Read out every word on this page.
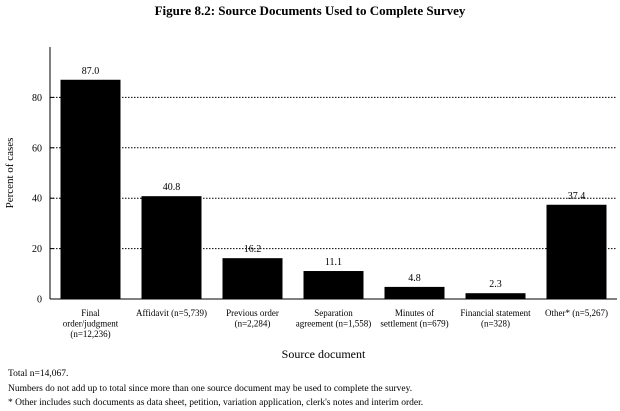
Figure 8.2: Source Documents Used to Complete Survey
0
20
40
60
80
87.0
Final order/judgment (n=12,236)
40.8
Affidavit (n=5,739)
16.2
Previous order (n=2,284)
11.1
Separation agreement (n=1,558)
4.8
Minutes of settlement (n=679)
2.3
Financial statement (n=328)
37.4
Other* (n=5,267)
Source document
Percent of cases
Total n=14,067.
Numbers do not add up to total since more than one source document may be used to complete the survey.
* Other includes such documents as data sheet, petition, variation application, clerk's notes and interim order.
